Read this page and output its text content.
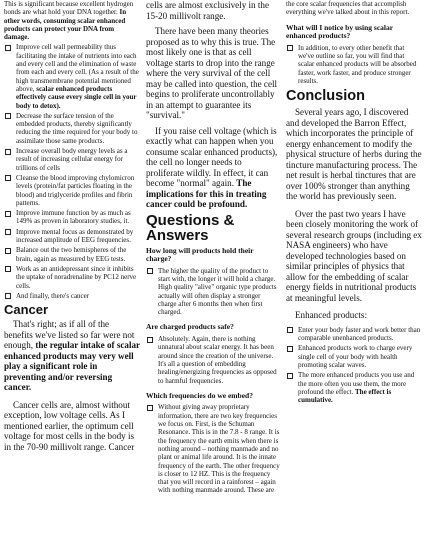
This is significant because excellent hydrogen bonds are what hold your DNA together. In other words, consuming scalar enhanced products can protect your DNA from damage.

Improve cell wall permeability thus facilitating the intake of nutrients into each and every cell and the elimination of waste from each and every cell. (As a result of the high transmembrane potential mentioned above, scalar enhanced products effectively cause every single cell in your body to detox).
Decrease the surface tension of the embedded products, thereby significantly reducing the time required for your body to assimilate those same products.
Increase overall body energy levels as a result of increasing cellular energy for trillions of cells
Cleanse the blood improving chylomicron levels (protein/fat particles floating in the blood) and triglyceride profiles and fibrin patterns.
Improve immune function by as much as 149% as proven in laboratory studies, it.
Improve mental focus as demonstrated by increased amplitude of EEG frequencies.
Balance out the two hemispheres of the brain, again as measured by EEG tests.
Work as an antidepressant since it inhibits the uptake of noradrenaline by PC12 nerve cells.
And finally, there's cancer
Cancer

That's right; as if all of the benefits we've listed so far were not enough, the regular intake of scalar enhanced products may very well play a significant role in preventing and/or reversing cancer.

Cancer cells are, almost without exception, low voltage cells. As I mentioned earlier, the optimum cell voltage for most cells in the body is in the 70-90 millivolt range. Cancer

cells are almost exclusively in the 15-20 millivolt range.

There have been many theories proposed as to why this is true. The most likely one is that as cell voltage starts to drop into the range where the very survival of the cell may be called into question, the cell begins to proliferate uncontrollably in an attempt to guarantee its "survival."

If you raise cell voltage (which is exactly what can happen when you consume scalar enhanced products), the cell no longer needs to proliferate wildly. In effect, it can become "normal" again. The implications for this in treating cancer could be profound.

Questions & Answers

How long will products hold their charge?

The higher the quality of the product to start with, the longer it will hold a charge. High quality "alive" organic type products actually will often display a stronger charge after 6 months then when first charged.

Are charged products safe?

Absolutely. Again, there is nothing unnatural about scalar energy. It has been around since the creation of the universe. It's all a question of embedding healing/energizing frequencies as opposed to harmful frequencies.

Which frequencies do we embed?

Without giving away proprietary information, there are two key frequencies we focus on. First, is the Schuman Resonance. This is in the 7.8 - 8 range. It is the frequency the earth emits when there is nothing around – nothing manmade and no plant or animal life around. It is the innate frequency of the earth. The other frequency is closer to 12 HZ. This is the frequency that you will record in a rainforest – again with nothing manmade around. These are

the core scalar frequencies that accomplish everything we've talked about in this report.

What will I notice by using scalar enhanced products?

In addition, to every other benefit that we've outline so far, you will find that scalar enhanced products will be absorbed faster, work faster, and produce stronger results.
Conclusion

Several years ago, I discovered and developed the Barron Effect, which incorporates the principle of energy enhancement to modify the physical structure of herbs during the tincture manufacturing process. The net result is herbal tinctures that are over 100% stronger than anything the world has previously seen.

Over the past two years I have been closely monitoring the work of several research groups (including ex NASA engineers) who have developed technologies based on similar principles of physics that allow for the embedding of scalar energy fields in nutritional products at meaningful levels.

Enhanced products:

Enter your body faster and work better than comparable unenhanced products.
Enhanced products work to charge every single cell of your body with health promoting scalar waves.
The more enhanced products you use and the more often you use them, the more profound the effect. The effect is cumulative.
